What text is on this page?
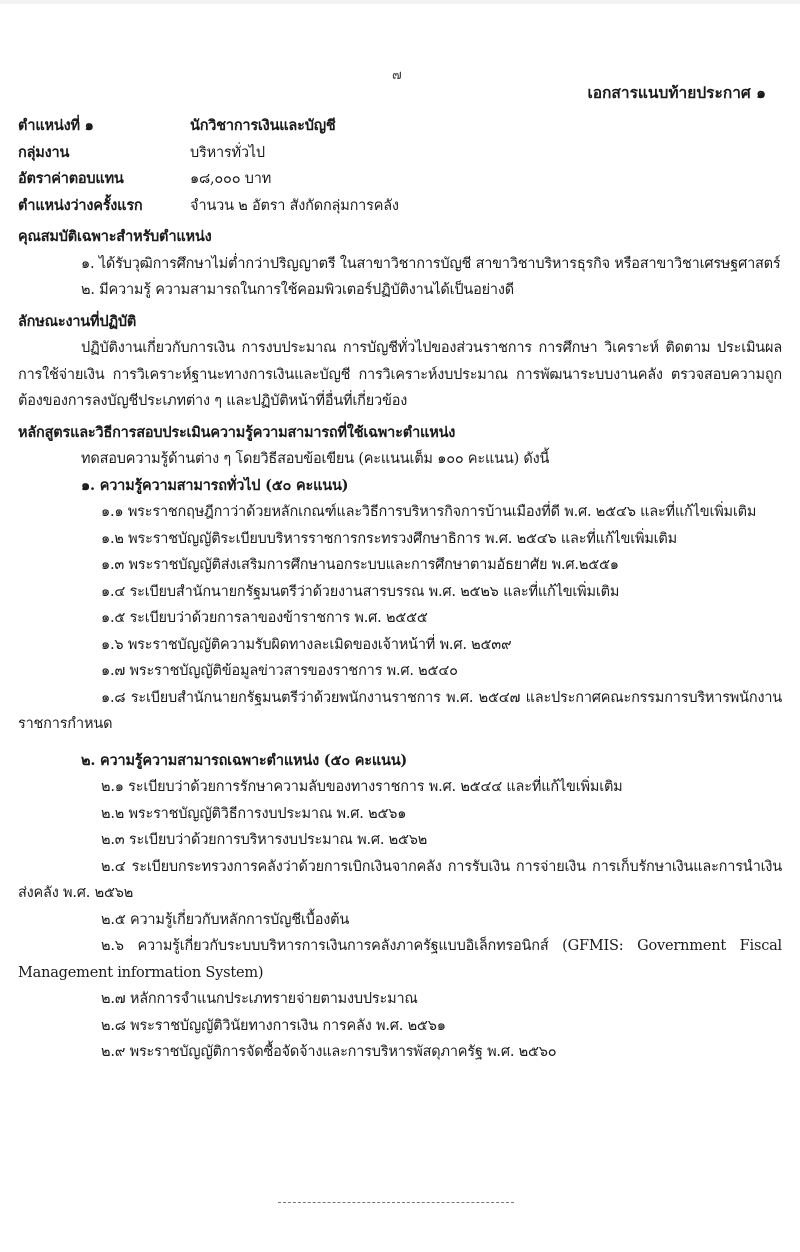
๗
เอกสารแนบท้ายประกาศ ๑
ตำแหน่งที่ ๑	นักวิชาการเงินและบัญชี
กลุ่มงาน	บริหารทั่วไป
อัตราค่าตอบแทน	๑๘,๐๐๐ บาท
ตำแหน่งว่างครั้งแรก	จำนวน ๒ อัตรา สังกัดกลุ่มการคลัง
คุณสมบัติเฉพาะสำหรับตำแหน่ง
๑. ได้รับวุฒิการศึกษาไม่ต่ำกว่าปริญญาตรี ในสาขาวิชาการบัญชี สาขาวิชาบริหารธุรกิจ หรือสาขาวิชาเศรษฐศาสตร์
๒. มีความรู้ ความสามารถในการใช้คอมพิวเตอร์ปฏิบัติงานได้เป็นอย่างดี
ลักษณะงานที่ปฏิบัติ
ปฏิบัติงานเกี่ยวกับการเงิน การงบประมาณ การบัญชีทั่วไปของส่วนราชการ การศึกษา วิเคราะห์ ติดตาม ประเมินผลการใช้จ่ายเงิน การวิเคราะห์ฐานะทางการเงินและบัญชี การวิเคราะห์งบประมาณ การพัฒนาระบบงานคลัง ตรวจสอบความถูกต้องของการลงบัญชีประเภทต่าง ๆ และปฏิบัติหน้าที่อื่นที่เกี่ยวข้อง
หลักสูตรและวิธีการสอบประเมินความรู้ความสามารถที่ใช้เฉพาะตำแหน่ง
ทดสอบความรู้ด้านต่าง ๆ โดยวิธีสอบข้อเขียน (คะแนนเต็ม ๑๐๐ คะแนน) ดังนี้
๑. ความรู้ความสามารถทั่วไป (๕๐ คะแนน)
๑.๑ พระราชกฤษฎีกาว่าด้วยหลักเกณฑ์และวิธีการบริหารกิจการบ้านเมืองที่ดี พ.ศ. ๒๕๔๖ และที่แก้ไขเพิ่มเติม
๑.๒ พระราชบัญญัติระเบียบบริหารราชการกระทรวงศึกษาธิการ พ.ศ. ๒๕๔๖ และที่แก้ไขเพิ่มเติม
๑.๓ พระราชบัญญัติส่งเสริมการศึกษานอกระบบและการศึกษาตามอัธยาศัย พ.ศ.๒๕๕๑
๑.๔ ระเบียบสำนักนายกรัฐมนตรีว่าด้วยงานสารบรรณ พ.ศ. ๒๕๒๖ และที่แก้ไขเพิ่มเติม
๑.๕ ระเบียบว่าด้วยการลาของข้าราชการ พ.ศ. ๒๕๕๕
๑.๖ พระราชบัญญัติความรับผิดทางละเมิดของเจ้าหน้าที่ พ.ศ. ๒๕๓๙
๑.๗ พระราชบัญญัติข้อมูลข่าวสารของราชการ พ.ศ. ๒๕๔๐
๑.๘ ระเบียบสำนักนายกรัฐมนตรีว่าด้วยพนักงานราชการ พ.ศ. ๒๕๔๗ และประกาศคณะกรรมการบริหารพนักงานราชการกำหนด
๒. ความรู้ความสามารถเฉพาะตำแหน่ง (๕๐ คะแนน)
๒.๑ ระเบียบว่าด้วยการรักษาความลับของทางราชการ พ.ศ. ๒๕๔๔ และที่แก้ไขเพิ่มเติม
๒.๒ พระราชบัญญัติวิธีการงบประมาณ พ.ศ. ๒๕๖๑
๒.๓ ระเบียบว่าด้วยการบริหารงบประมาณ พ.ศ. ๒๕๖๒
๒.๔ ระเบียบกระทรวงการคลังว่าด้วยการเบิกเงินจากคลัง การรับเงิน การจ่ายเงิน การเก็บรักษาเงินและการนำเงินส่งคลัง พ.ศ. ๒๕๖๒
๒.๕ ความรู้เกี่ยวกับหลักการบัญชีเบื้องต้น
๒.๖ ความรู้เกี่ยวกับระบบบริหารการเงินการคลังภาครัฐแบบอิเล็กทรอนิกส์ (GFMIS: Government Fiscal Management information System)
๒.๗ หลักการจำแนกประเภทรายจ่ายตามงบประมาณ
๒.๘ พระราชบัญญัติวินัยทางการเงิน การคลัง พ.ศ. ๒๕๖๑
๒.๙ พระราชบัญญัติการจัดซื้อจัดจ้างและการบริหารพัสดุภาครัฐ พ.ศ. ๒๕๖๐
